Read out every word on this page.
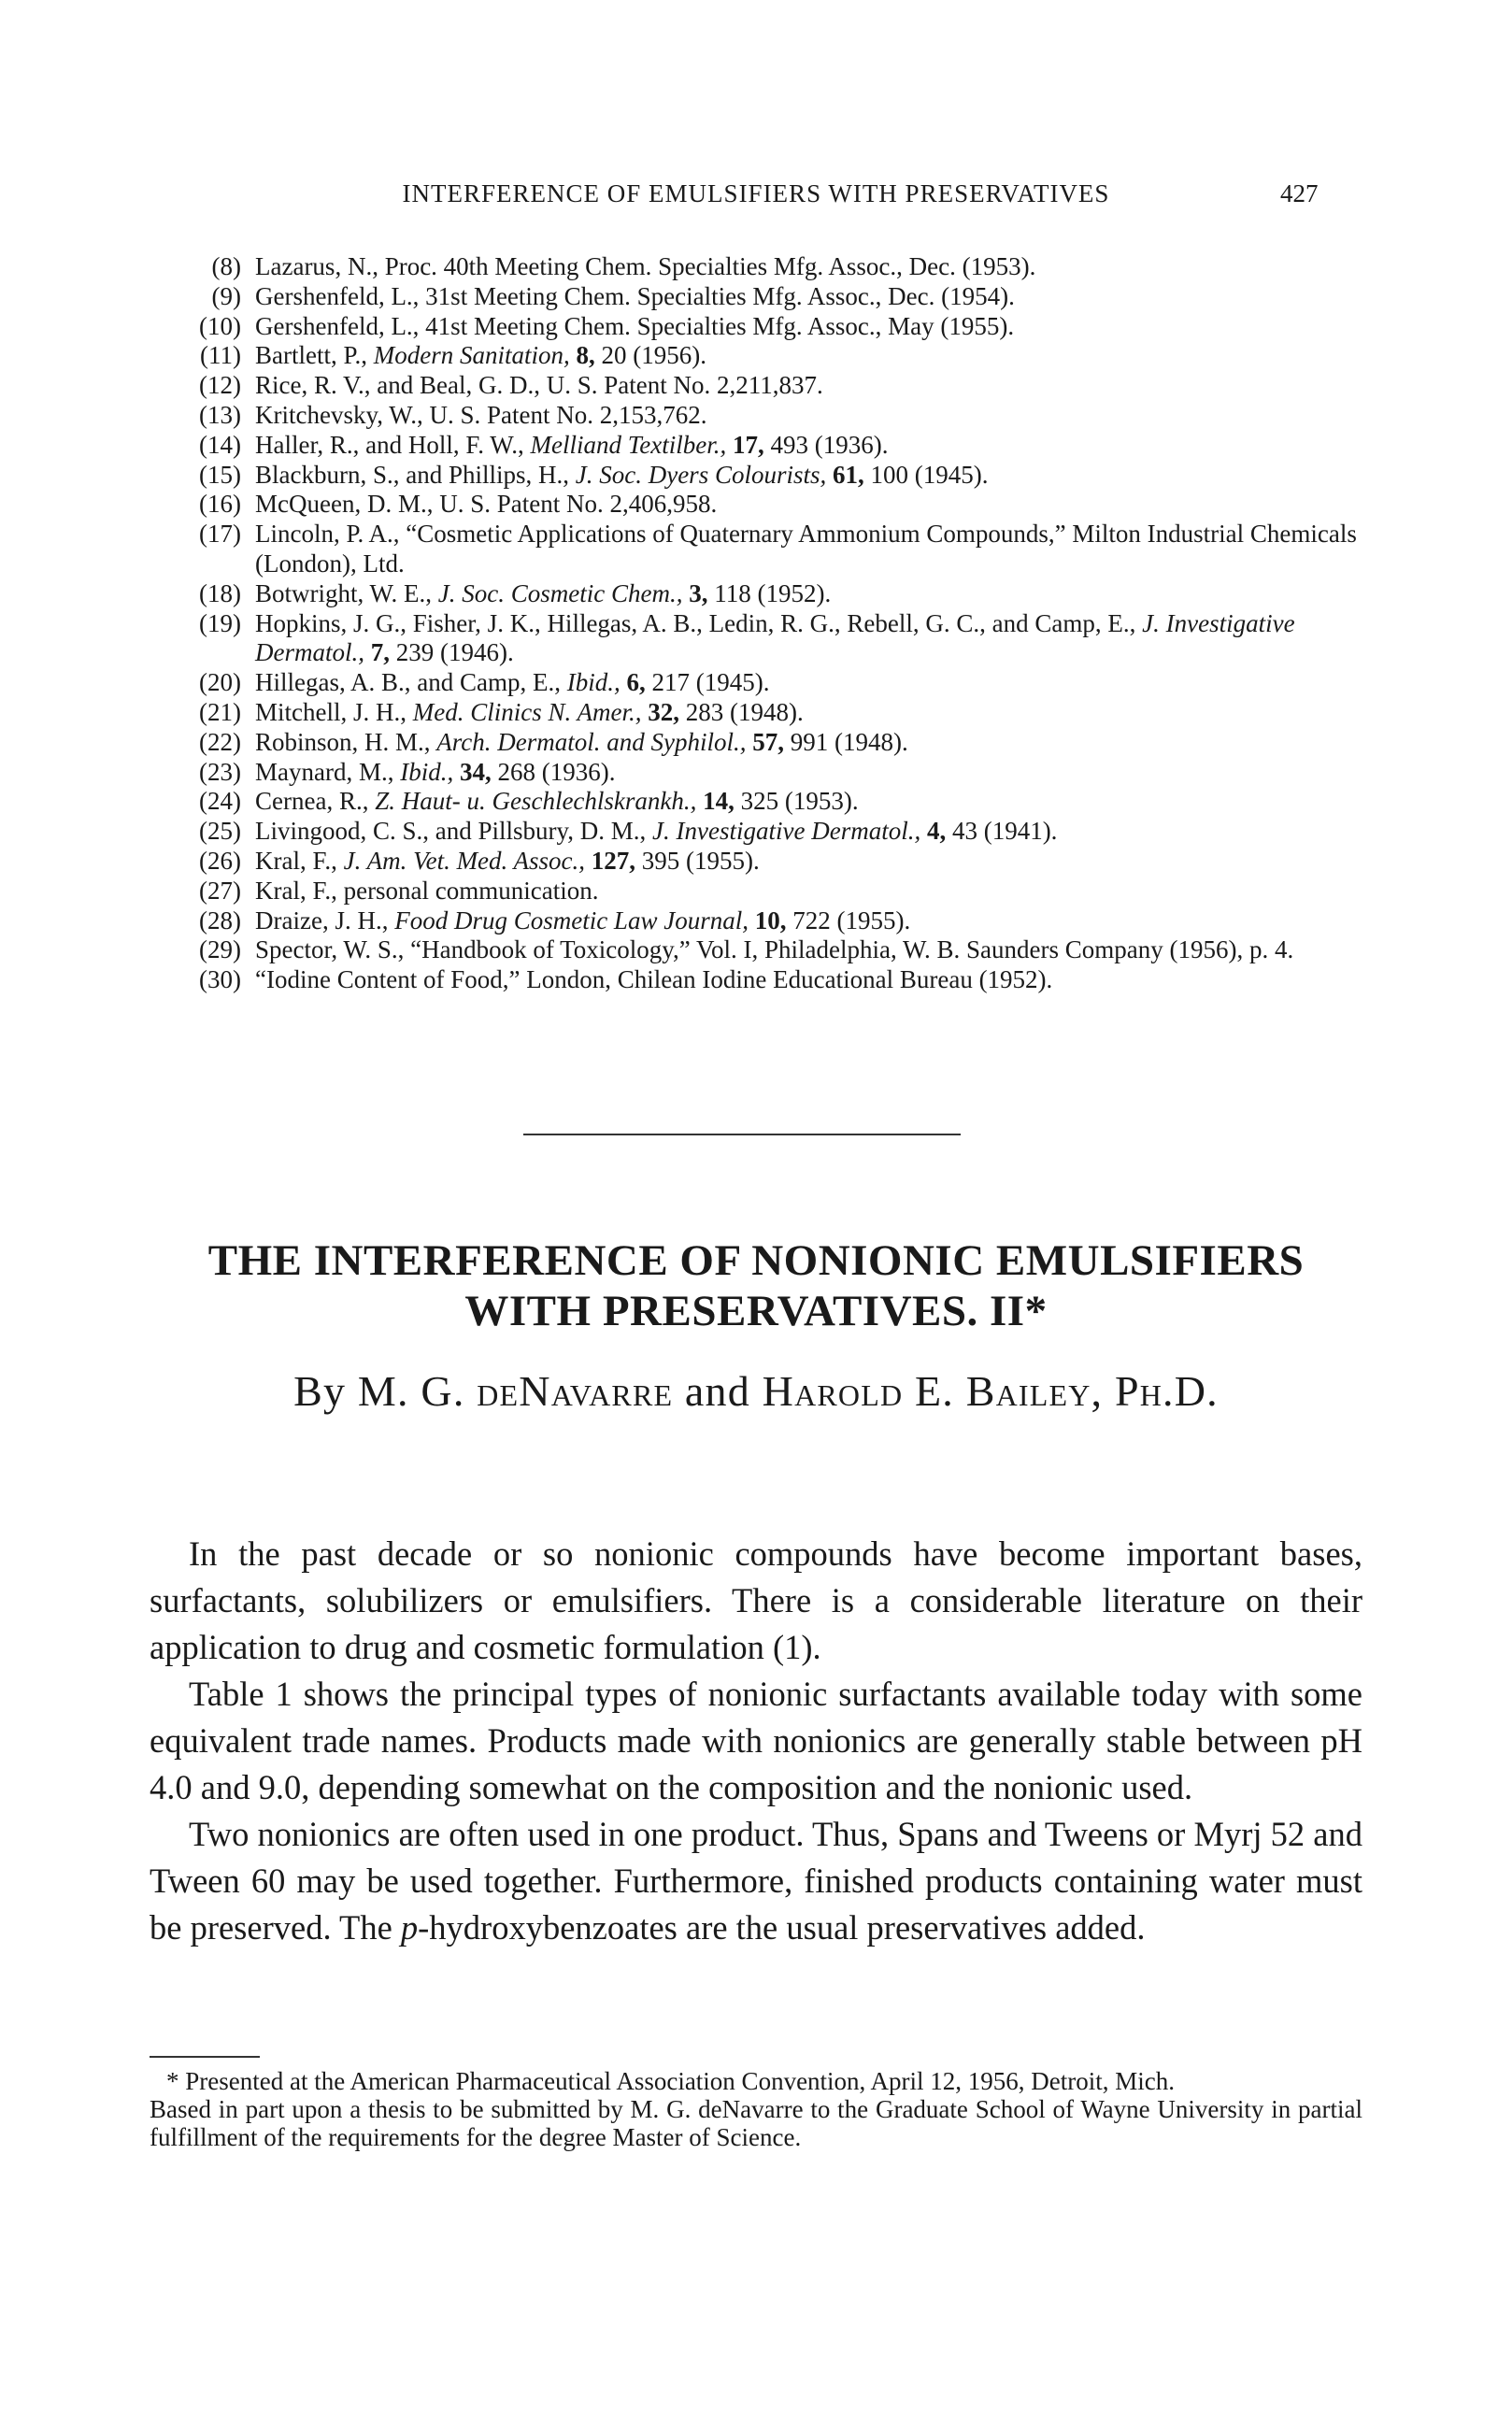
INTERFERENCE OF EMULSIFIERS WITH PRESERVATIVES	427
(8) Lazarus, N., Proc. 40th Meeting Chem. Specialties Mfg. Assoc., Dec. (1953).
(9) Gershenfeld, L., 31st Meeting Chem. Specialties Mfg. Assoc., Dec. (1954).
(10) Gershenfeld, L., 41st Meeting Chem. Specialties Mfg. Assoc., May (1955).
(11) Bartlett, P., Modern Sanitation, 8, 20 (1956).
(12) Rice, R. V., and Beal, G. D., U. S. Patent No. 2,211,837.
(13) Kritchevsky, W., U. S. Patent No. 2,153,762.
(14) Haller, R., and Holl, F. W., Melliand Textilber., 17, 493 (1936).
(15) Blackburn, S., and Phillips, H., J. Soc. Dyers Colourists, 61, 100 (1945).
(16) McQueen, D. M., U. S. Patent No. 2,406,958.
(17) Lincoln, P. A., “Cosmetic Applications of Quaternary Ammonium Compounds,” Milton Industrial Chemicals (London), Ltd.
(18) Botwright, W. E., J. Soc. Cosmetic Chem., 3, 118 (1952).
(19) Hopkins, J. G., Fisher, J. K., Hillegas, A. B., Ledin, R. G., Rebell, G. C., and Camp, E., J. Investigative Dermatol., 7, 239 (1946).
(20) Hillegas, A. B., and Camp, E., Ibid., 6, 217 (1945).
(21) Mitchell, J. H., Med. Clinics N. Amer., 32, 283 (1948).
(22) Robinson, H. M., Arch. Dermatol. and Syphilol., 57, 991 (1948).
(23) Maynard, M., Ibid., 34, 268 (1936).
(24) Cernea, R., Z. Haut- u. Geschlechlskrankh., 14, 325 (1953).
(25) Livingood, C. S., and Pillsbury, D. M., J. Investigative Dermatol., 4, 43 (1941).
(26) Kral, F., J. Am. Vet. Med. Assoc., 127, 395 (1955).
(27) Kral, F., personal communication.
(28) Draize, J. H., Food Drug Cosmetic Law Journal, 10, 722 (1955).
(29) Spector, W. S., “Handbook of Toxicology,” Vol. I, Philadelphia, W. B. Saunders Company (1956), p. 4.
(30) “Iodine Content of Food,” London, Chilean Iodine Educational Bureau (1952).
THE INTERFERENCE OF NONIONIC EMULSIFIERS
WITH PRESERVATIVES. II*
By M. G. deNavarre and Harold E. Bailey, Ph.D.

In the past decade or so nonionic compounds have become important bases, surfactants, solubilizers or emulsifiers. There is a considerable literature on their application to drug and cosmetic formulation (1).

Table 1 shows the principal types of nonionic surfactants available today with some equivalent trade names. Products made with nonionics are generally stable between pH 4.0 and 9.0, depending somewhat on the composition and the nonionic used.

Two nonionics are often used in one product. Thus, Spans and Tweens or Myrj 52 and Tween 60 may be used together. Furthermore, finished products containing water must be preserved. The p-hydroxybenzoates are the usual preservatives added.

* Presented at the American Pharmaceutical Association Convention, April 12, 1956, Detroit, Mich.

Based in part upon a thesis to be submitted by M. G. deNavarre to the Graduate School of Wayne University in partial fulfillment of the requirements for the degree Master of Science.
